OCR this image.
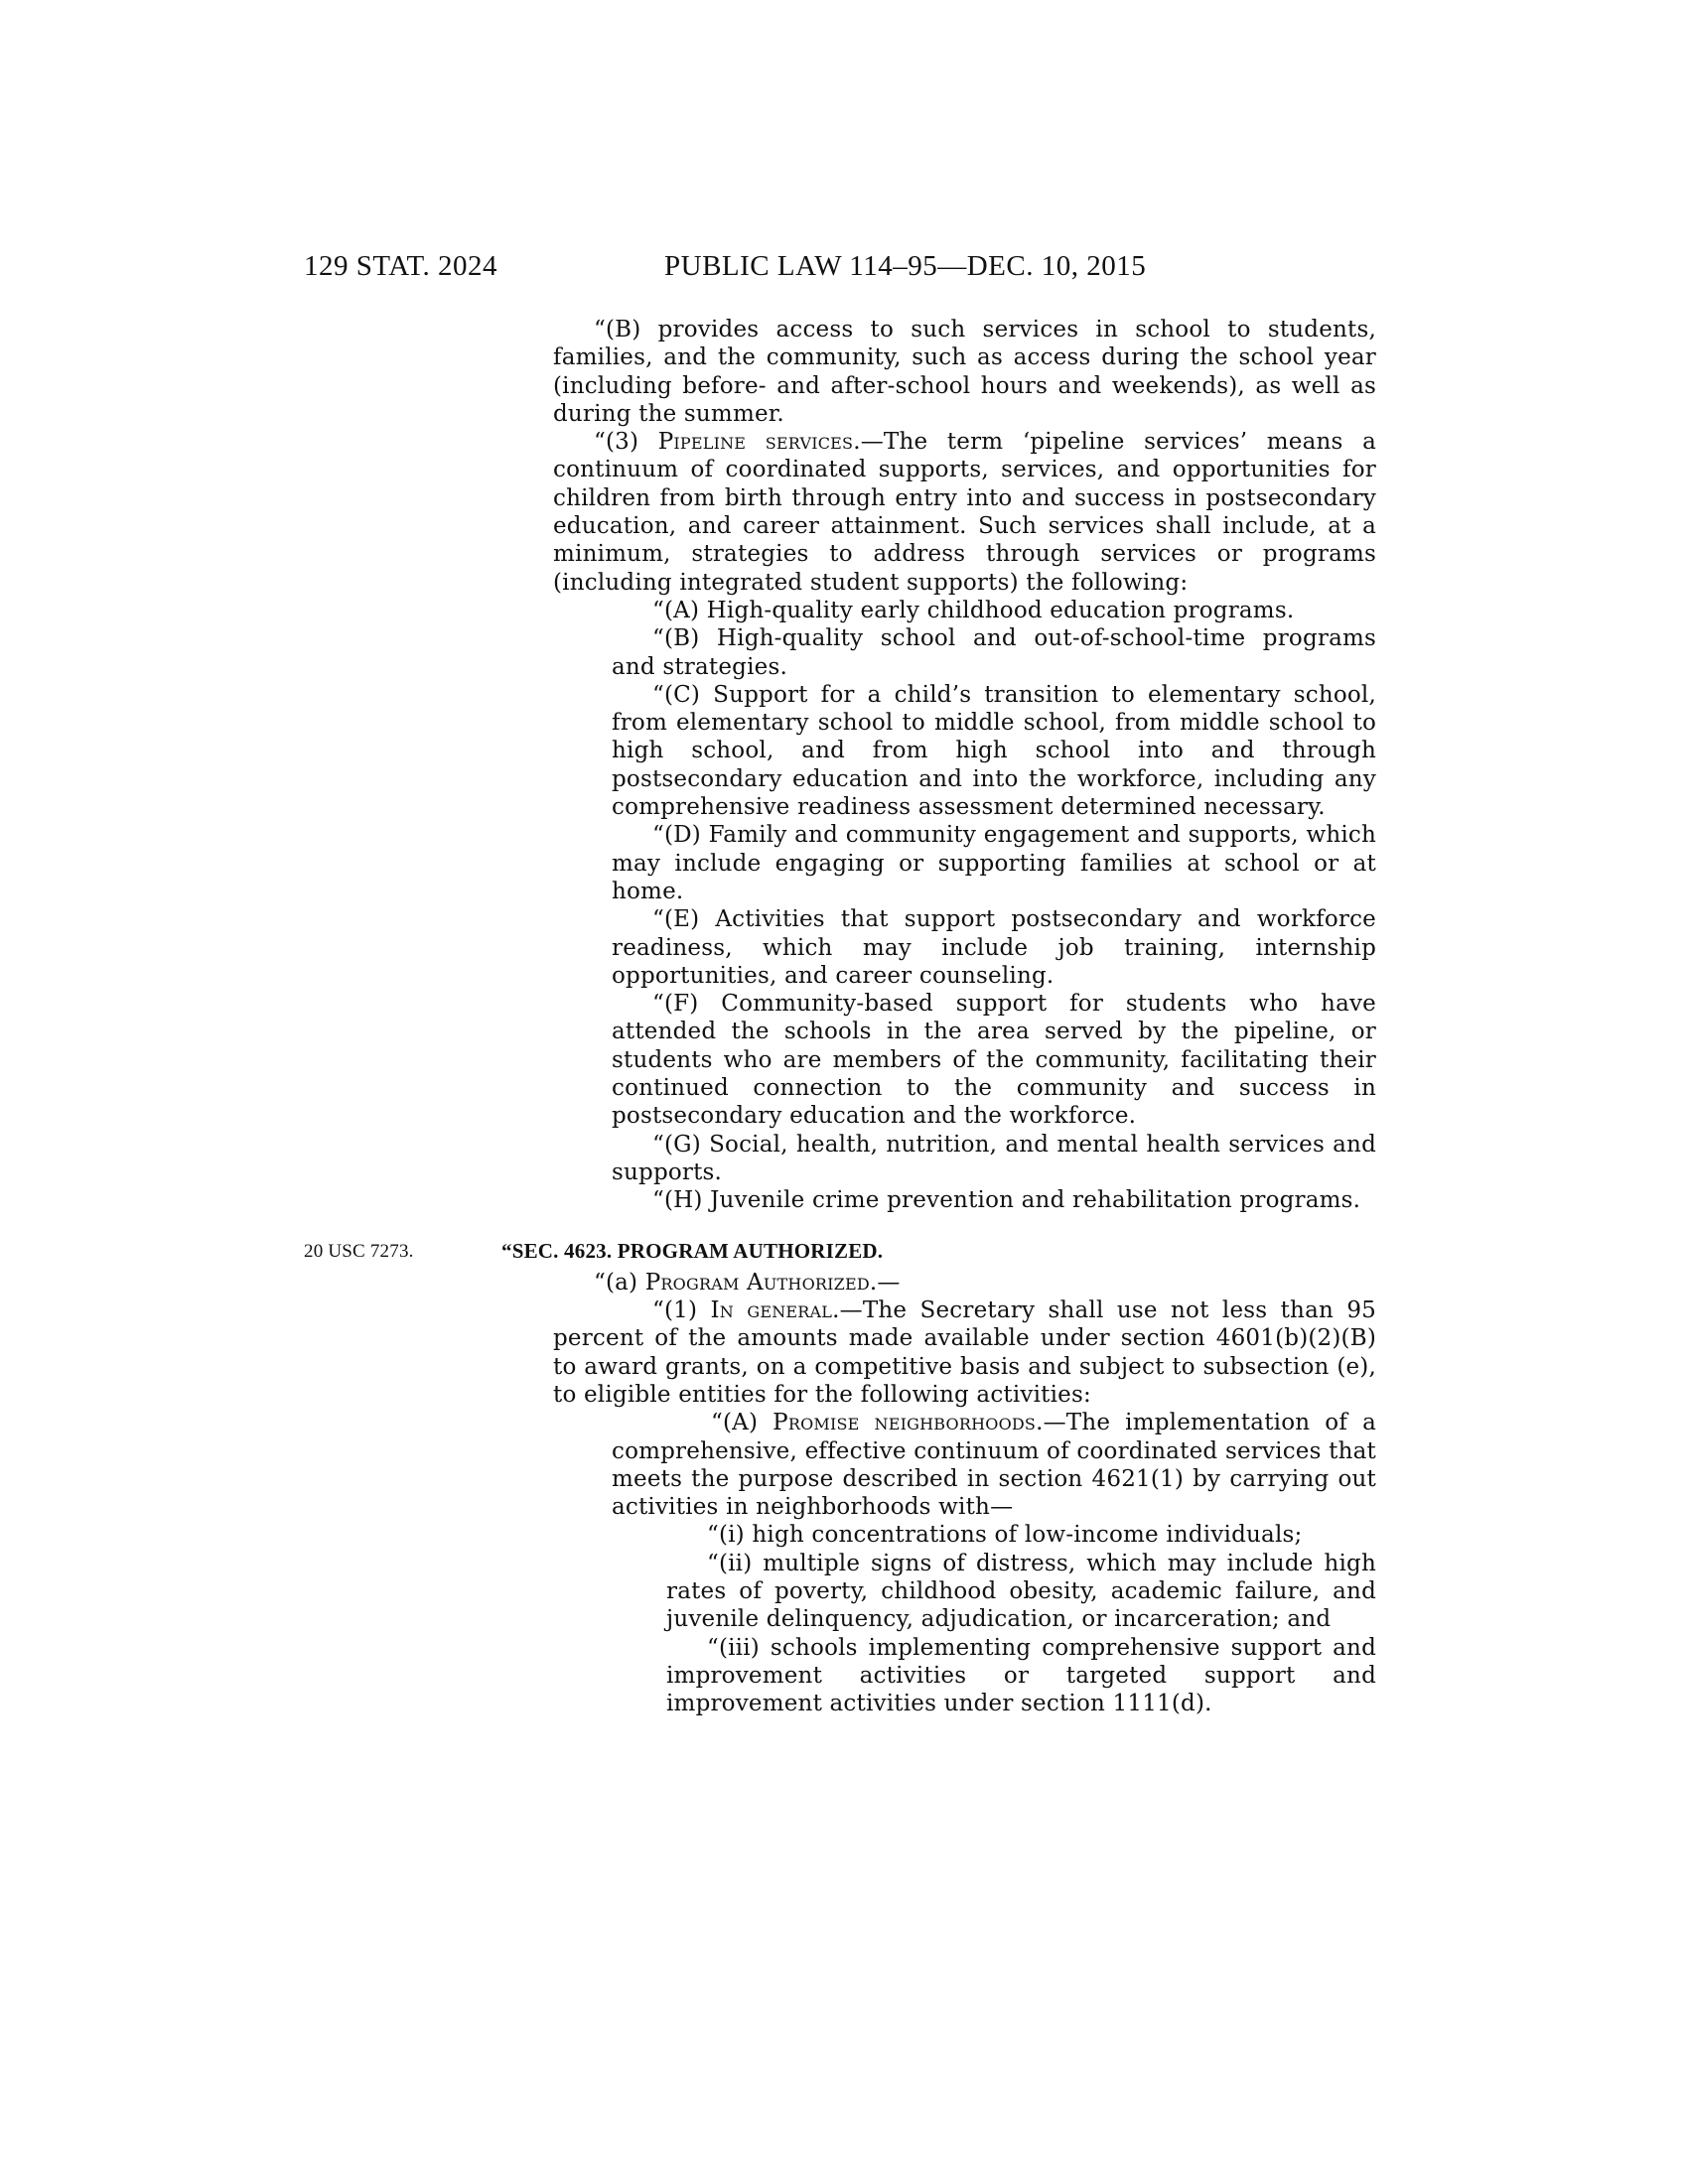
129 STAT. 2024	PUBLIC LAW 114–95—DEC. 10, 2015

“(B) provides access to such services in school to students, families, and the community, such as access during the school year (including before- and after-school hours and weekends), as well as during the summer.

“(3) Pipeline services.—The term ‘pipeline services’ means a continuum of coordinated supports, services, and opportunities for children from birth through entry into and success in postsecondary education, and career attainment. Such services shall include, at a minimum, strategies to address through services or programs (including integrated student supports) the following:

“(A) High-quality early childhood education programs.

“(B) High-quality school and out-of-school-time programs and strategies.

“(C) Support for a child’s transition to elementary school, from elementary school to middle school, from middle school to high school, and from high school into and through postsecondary education and into the workforce, including any comprehensive readiness assessment determined necessary.

“(D) Family and community engagement and supports, which may include engaging or supporting families at school or at home.

“(E) Activities that support postsecondary and workforce readiness, which may include job training, internship opportunities, and career counseling.

“(F) Community-based support for students who have attended the schools in the area served by the pipeline, or students who are members of the community, facilitating their continued connection to the community and success in postsecondary education and the workforce.

“(G) Social, health, nutrition, and mental health services and supports.

“(H) Juvenile crime prevention and rehabilitation programs.

20 USC 7273.	“SEC. 4623. PROGRAM AUTHORIZED.

“(a) Program Authorized.—

“(1) In general.—The Secretary shall use not less than 95 percent of the amounts made available under section 4601(b)(2)(B) to award grants, on a competitive basis and subject to subsection (e), to eligible entities for the following activities:

“(A) Promise neighborhoods.—The implementation of a comprehensive, effective continuum of coordinated services that meets the purpose described in section 4621(1) by carrying out activities in neighborhoods with—

“(i) high concentrations of low-income individuals;

“(ii) multiple signs of distress, which may include high rates of poverty, childhood obesity, academic failure, and juvenile delinquency, adjudication, or incarceration; and

“(iii) schools implementing comprehensive support and improvement activities or targeted support and improvement activities under section 1111(d).
